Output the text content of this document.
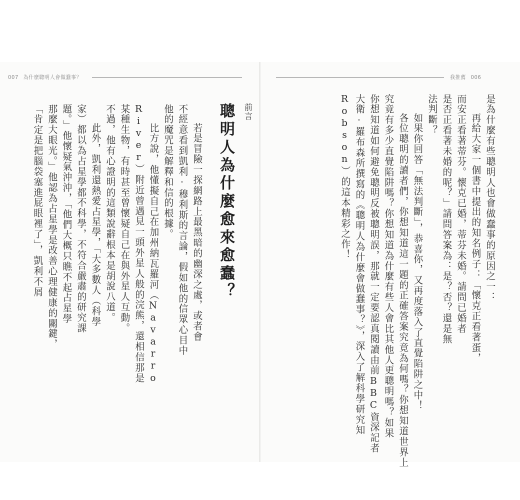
007 為什麼聰明人會做蠢事？	我推薦 006
前言
聰明人為什麼愈來愈蠢？
若是冒險一探網路上最黑暗的幽深之處，或者會
不經意看到凱利·穆利斯的言論，假如他的信眾心目中
他的魔咒是解釋和信的根據。
比方說，他懂擬自己在加州納瓦羅河（Navarro
River）附近曾遇見一頭外星人般的浣熊，還相信那是
某種生物，有時甚至曾懷疑自己在與外星人互動。
不過，他有心證明的這類說辭根本是胡說八道。
此外，凱利還熱愛占星學，「大多數人（科學
家）都以為占星學都不科學，不符合嚴肅的研究課
題。」他懷疑氣沖沖，「他們大概只瞧不起占星學
那麼大眼光。」他認為占星學是改善心理健康的關鍵，
「肯定是把腦袋塞進屁眼裡了」，凱利不屑	是為什麼有些聰明人也會做蠢事的原因之一：
再給大家一個書中提出的知名例子：「懷克正看著蛋，
而安正看著蒂芬。懷克已婚，蒂芬未婚。請問已婚者
是否正看著未婚的呢？」請問答案為：是？否？還是無
法判斷？
如果你回答「無法判斷」，恭喜你，又再度落入了直覺陷阱之中！
各位聰明的讀者們，你想知道這一題的正確答案究竟為何嗎？你想知道世界上
究竟有多少直覺陷阱嗎？你想知道為什麼有些人會比其他人更聰明嗎？如果
你想知道如何避免聰明反被聰明誤，那就一定要認真閱讀由前BBC資深記者
大衛·羅布森所撰寫的《聰明人為什麼會做蠢事？》，深入了解科學研究知
Robson）的這本精彩之作！
